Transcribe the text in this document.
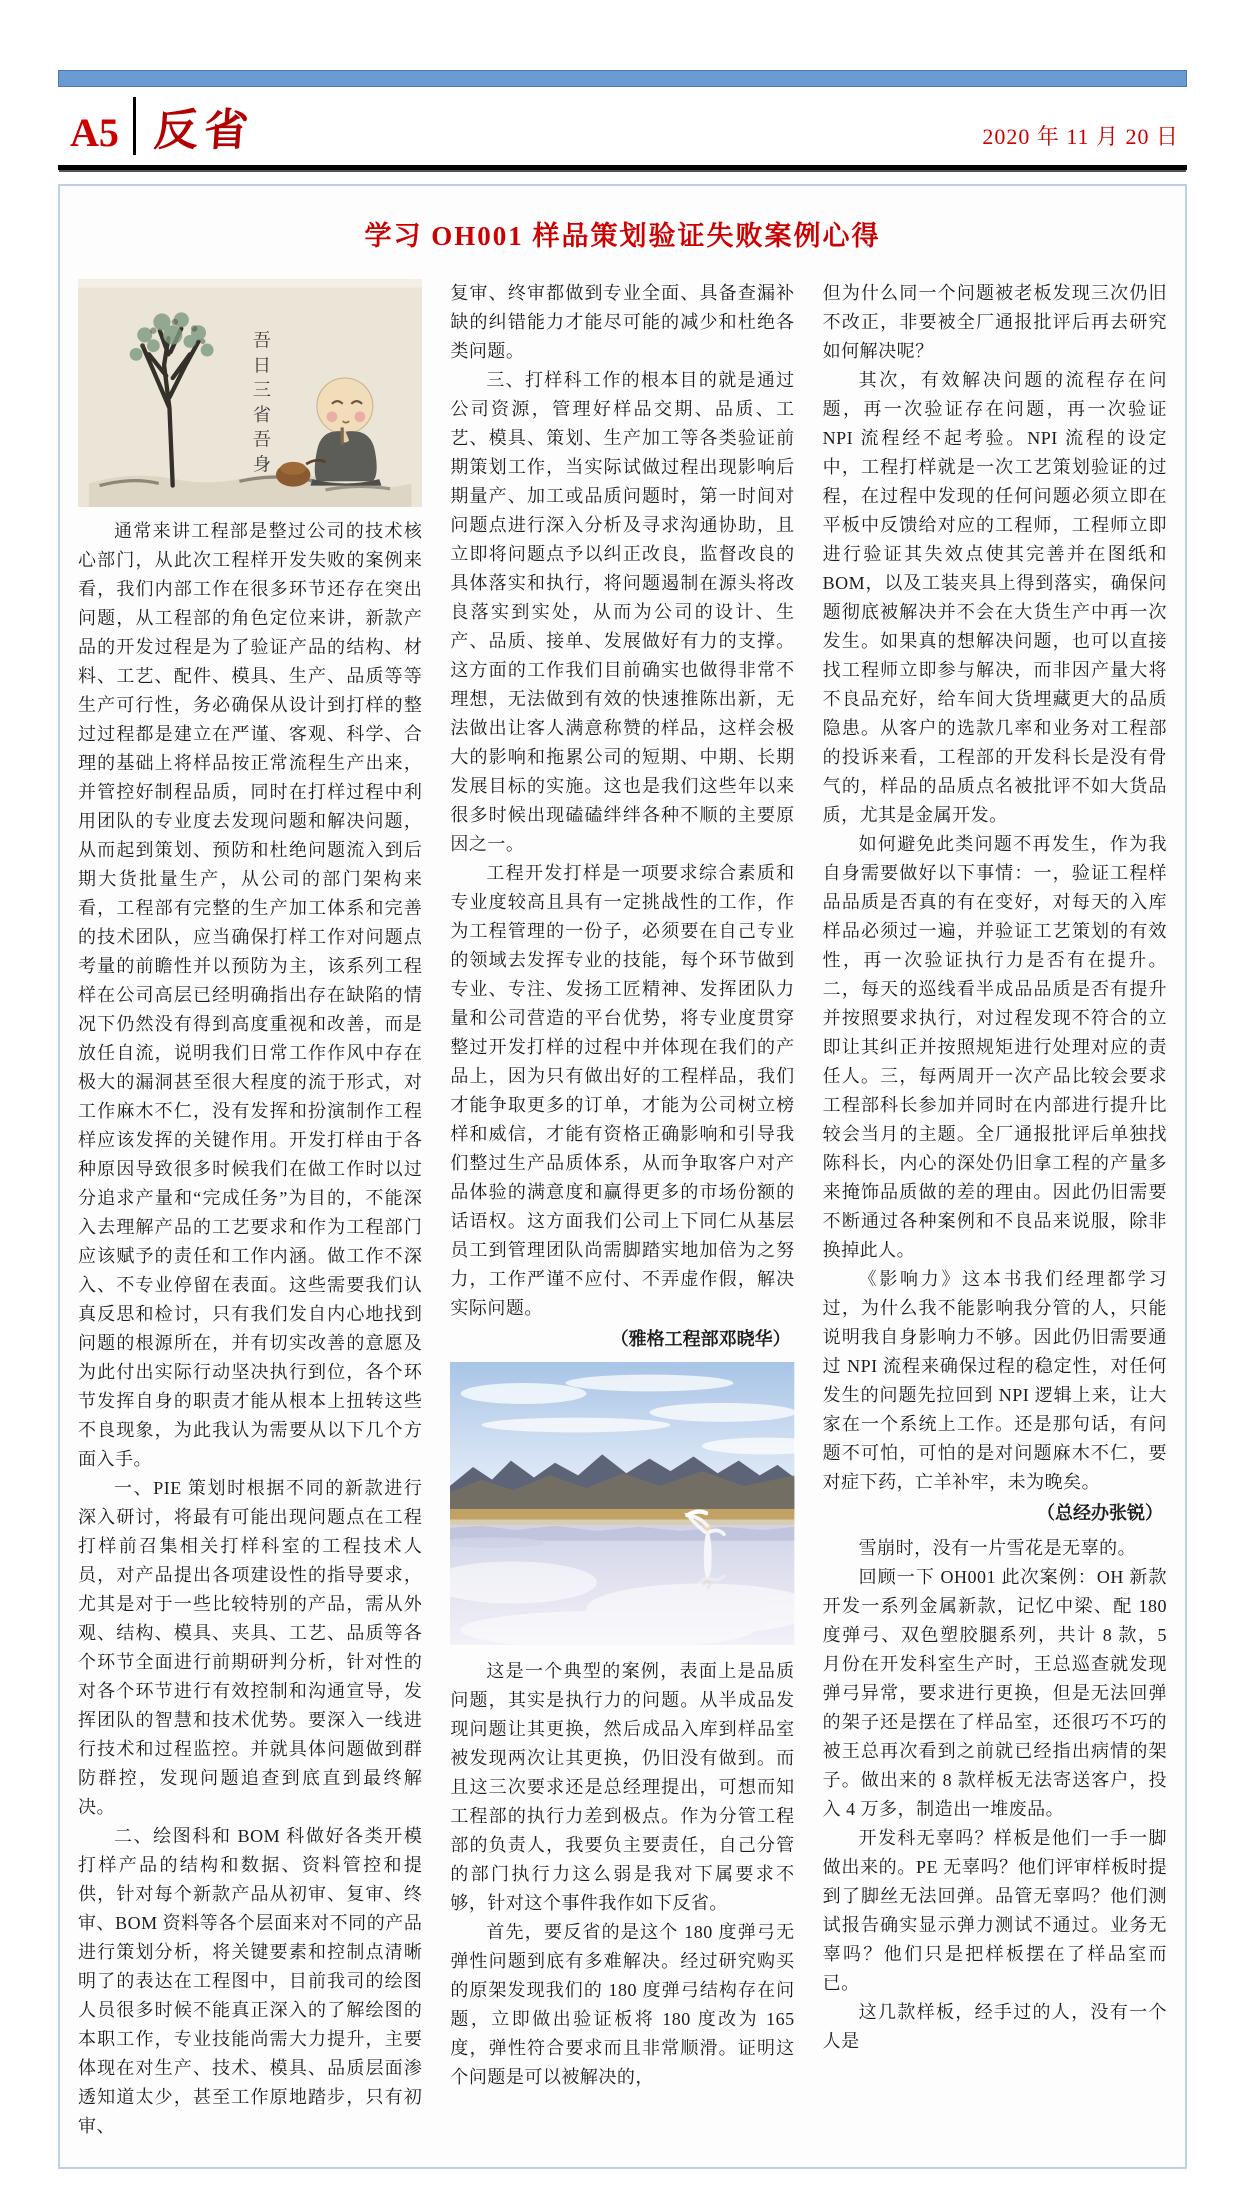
A5 反省	2020 年 11 月 20 日
学习 OH001 样品策划验证失败案例心得
吾日三省吾身

通常来讲工程部是整过公司的技术核心部门，从此次工程样开发失败的案例来看，我们内部工作在很多环节还存在突出问题，从工程部的角色定位来讲，新款产品的开发过程是为了验证产品的结构、材料、工艺、配件、模具、生产、品质等等生产可行性，务必确保从设计到打样的整过过程都是建立在严谨、客观、科学、合理的基础上将样品按正常流程生产出来，并管控好制程品质，同时在打样过程中利用团队的专业度去发现问题和解决问题，从而起到策划、预防和杜绝问题流入到后期大货批量生产，从公司的部门架构来看，工程部有完整的生产加工体系和完善的技术团队，应当确保打样工作对问题点考量的前瞻性并以预防为主，该系列工程样在公司高层已经明确指出存在缺陷的情况下仍然没有得到高度重视和改善，而是放任自流，说明我们日常工作作风中存在极大的漏洞甚至很大程度的流于形式，对工作麻木不仁，没有发挥和扮演制作工程样应该发挥的关键作用。开发打样由于各种原因导致很多时候我们在做工作时以过分追求产量和“完成任务”为目的，不能深入去理解产品的工艺要求和作为工程部门应该赋予的责任和工作内涵。做工作不深入、不专业停留在表面。这些需要我们认真反思和检讨，只有我们发自内心地找到问题的根源所在，并有切实改善的意愿及为此付出实际行动坚决执行到位，各个环节发挥自身的职责才能从根本上扭转这些不良现象，为此我认为需要从以下几个方面入手。

一、PIE 策划时根据不同的新款进行深入研讨，将最有可能出现问题点在工程打样前召集相关打样科室的工程技术人员，对产品提出各项建设性的指导要求，尤其是对于一些比较特别的产品，需从外观、结构、模具、夹具、工艺、品质等各个环节全面进行前期研判分析，针对性的对各个环节进行有效控制和沟通宣导，发挥团队的智慧和技术优势。要深入一线进行技术和过程监控。并就具体问题做到群防群控，发现问题追查到底直到最终解决。

二、绘图科和 BOM 科做好各类开模打样产品的结构和数据、资料管控和提供，针对每个新款产品从初审、复审、终审、BOM 资料等各个层面来对不同的产品进行策划分析，将关键要素和控制点清晰明了的表达在工程图中，目前我司的绘图人员很多时候不能真正深入的了解绘图的本职工作，专业技能尚需大力提升，主要体现在对生产、技术、模具、品质层面渗透知道太少，甚至工作原地踏步，只有初审、

复审、终审都做到专业全面、具备查漏补缺的纠错能力才能尽可能的减少和杜绝各类问题。

三、打样科工作的根本目的就是通过公司资源，管理好样品交期、品质、工艺、模具、策划、生产加工等各类验证前期策划工作，当实际试做过程出现影响后期量产、加工或品质问题时，第一时间对问题点进行深入分析及寻求沟通协助，且立即将问题点予以纠正改良，监督改良的具体落实和执行，将问题遏制在源头将改良落实到实处，从而为公司的设计、生产、品质、接单、发展做好有力的支撑。这方面的工作我们目前确实也做得非常不理想，无法做到有效的快速推陈出新，无法做出让客人满意称赞的样品，这样会极大的影响和拖累公司的短期、中期、长期发展目标的实施。这也是我们这些年以来很多时候出现磕磕绊绊各种不顺的主要原因之一。

工程开发打样是一项要求综合素质和专业度较高且具有一定挑战性的工作，作为工程管理的一份子，必须要在自己专业的领域去发挥专业的技能，每个环节做到专业、专注、发扬工匠精神、发挥团队力量和公司营造的平台优势，将专业度贯穿整过开发打样的过程中并体现在我们的产品上，因为只有做出好的工程样品，我们才能争取更多的订单，才能为公司树立榜样和威信，才能有资格正确影响和引导我们整过生产品质体系，从而争取客户对产品体验的满意度和赢得更多的市场份额的话语权。这方面我们公司上下同仁从基层员工到管理团队尚需脚踏实地加倍为之努力，工作严谨不应付、不弄虚作假，解决实际问题。

（雅格工程部邓晓华）

这是一个典型的案例，表面上是品质问题，其实是执行力的问题。从半成品发现问题让其更换，然后成品入库到样品室被发现两次让其更换，仍旧没有做到。而且这三次要求还是总经理提出，可想而知工程部的执行力差到极点。作为分管工程部的负责人，我要负主要责任，自己分管的部门执行力这么弱是我对下属要求不够，针对这个事件我作如下反省。

首先，要反省的是这个 180 度弹弓无弹性问题到底有多难解决。经过研究购买的原架发现我们的 180 度弹弓结构存在问题，立即做出验证板将 180 度改为 165 度，弹性符合要求而且非常顺滑。证明这个问题是可以被解决的，

但为什么同一个问题被老板发现三次仍旧不改正，非要被全厂通报批评后再去研究如何解决呢？

其次，有效解决问题的流程存在问题，再一次验证存在问题，再一次验证 NPI 流程经不起考验。NPI 流程的设定中，工程打样就是一次工艺策划验证的过程，在过程中发现的任何问题必须立即在平板中反馈给对应的工程师，工程师立即进行验证其失效点使其完善并在图纸和 BOM，以及工装夹具上得到落实，确保问题彻底被解决并不会在大货生产中再一次发生。如果真的想解决问题，也可以直接找工程师立即参与解决，而非因产量大将不良品充好，给车间大货埋藏更大的品质隐患。从客户的选款几率和业务对工程部的投诉来看，工程部的开发科长是没有骨气的，样品的品质点名被批评不如大货品质，尤其是金属开发。

如何避免此类问题不再发生，作为我自身需要做好以下事情：一，验证工程样品品质是否真的有在变好，对每天的入库样品必须过一遍，并验证工艺策划的有效性，再一次验证执行力是否有在提升。二，每天的巡线看半成品品质是否有提升并按照要求执行，对过程发现不符合的立即让其纠正并按照规矩进行处理对应的责任人。三，每两周开一次产品比较会要求工程部科长参加并同时在内部进行提升比较会当月的主题。全厂通报批评后单独找陈科长，内心的深处仍旧拿工程的产量多来掩饰品质做的差的理由。因此仍旧需要不断通过各种案例和不良品来说服，除非换掉此人。

《影响力》这本书我们经理都学习过，为什么我不能影响我分管的人，只能说明我自身影响力不够。因此仍旧需要通过 NPI 流程来确保过程的稳定性，对任何发生的问题先拉回到 NPI 逻辑上来，让大家在一个系统上工作。还是那句话，有问题不可怕，可怕的是对问题麻木不仁，要对症下药，亡羊补牢，未为晚矣。

（总经办张锐）

雪崩时，没有一片雪花是无辜的。

回顾一下 OH001 此次案例：OH 新款开发一系列金属新款，记忆中梁、配 180 度弹弓、双色塑胶腿系列，共计 8 款，5 月份在开发科室生产时，王总巡查就发现弹弓异常，要求进行更换，但是无法回弹的架子还是摆在了样品室，还很巧不巧的被王总再次看到之前就已经指出病情的架子。做出来的 8 款样板无法寄送客户，投入 4 万多，制造出一堆废品。

开发科无辜吗？样板是他们一手一脚做出来的。PE 无辜吗？他们评审样板时提到了脚丝无法回弹。品管无辜吗？他们测试报告确实显示弹力测试不通过。业务无辜吗？他们只是把样板摆在了样品室而已。

这几款样板，经手过的人，没有一个人是
